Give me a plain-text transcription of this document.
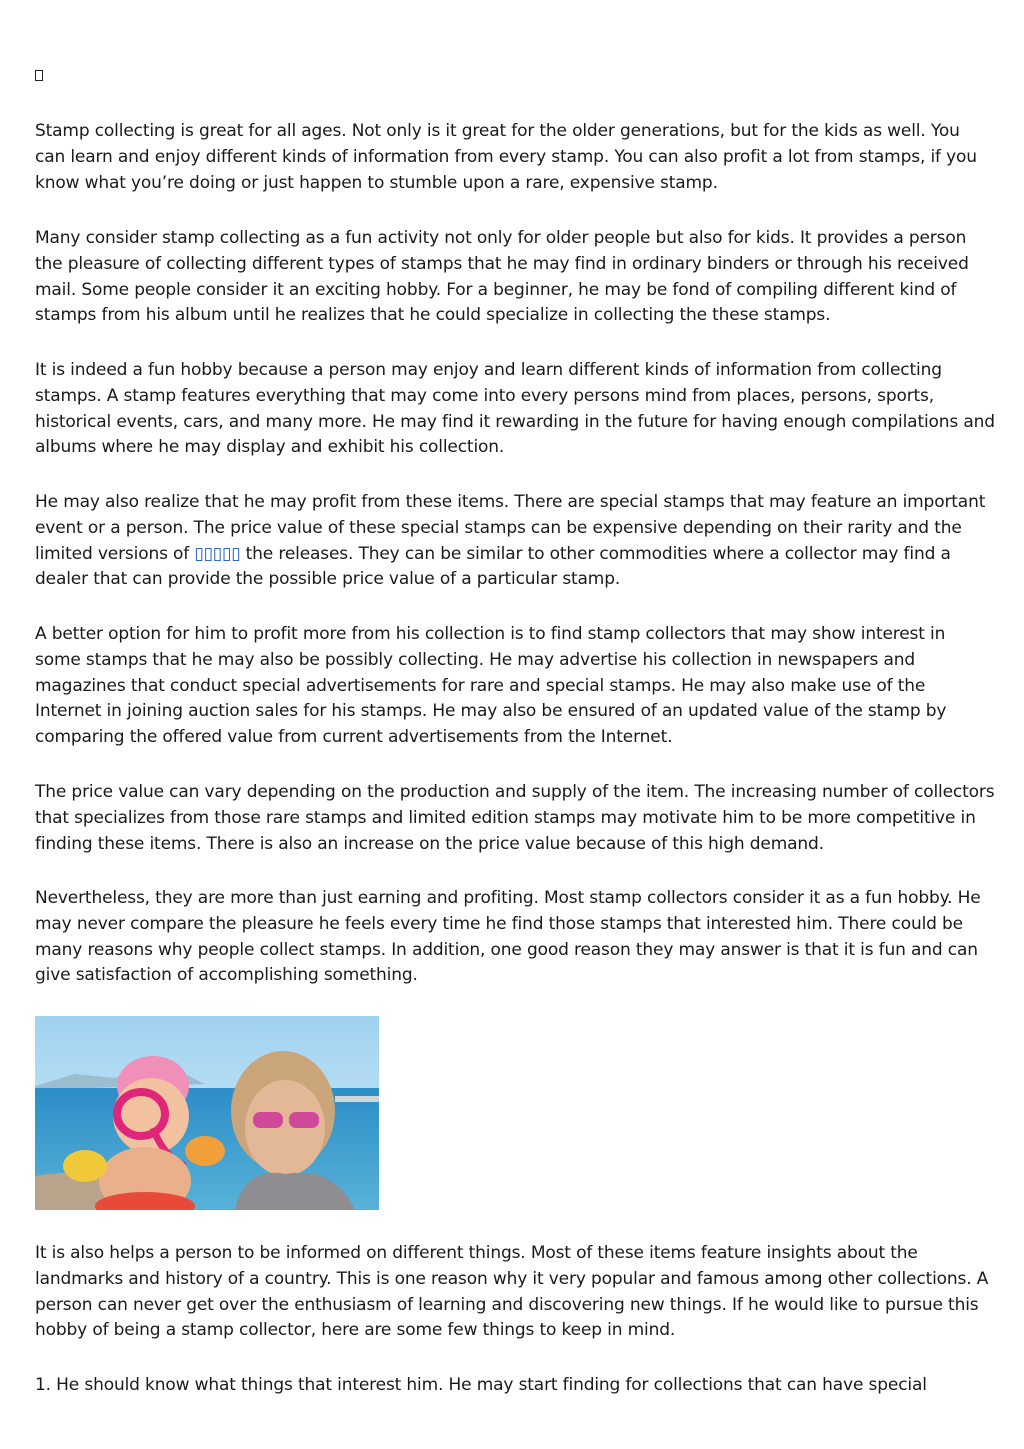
Stamp collecting is great for all ages. Not only is it great for the older generations, but for the kids as well. You can learn and enjoy different kinds of information from every stamp. You can also profit a lot from stamps, if you know what you’re doing or just happen to stumble upon a rare, expensive stamp.

Many consider stamp collecting as a fun activity not only for older people but also for kids. It provides a person the pleasure of collecting different types of stamps that he may find in ordinary binders or through his received mail. Some people consider it an exciting hobby. For a beginner, he may be fond of compiling different kind of stamps from his album until he realizes that he could specialize in collecting the these stamps.

It is indeed a fun hobby because a person may enjoy and learn different kinds of information from collecting stamps. A stamp features everything that may come into every persons mind from places, persons, sports, historical events, cars, and many more. He may find it rewarding in the future for having enough compilations and albums where he may display and exhibit his collection.

He may also realize that he may profit from these items. There are special stamps that may feature an important event or a person. The price value of these special stamps can be expensive depending on their rarity and the limited versions of ▯▯▯▯▯ the releases. They can be similar to other commodities where a collector may find a dealer that can provide the possible price value of a particular stamp.

A better option for him to profit more from his collection is to find stamp collectors that may show interest in some stamps that he may also be possibly collecting. He may advertise his collection in newspapers and magazines that conduct special advertisements for rare and special stamps. He may also make use of the Internet in joining auction sales for his stamps. He may also be ensured of an updated value of the stamp by comparing the offered value from current advertisements from the Internet.

The price value can vary depending on the production and supply of the item. The increasing number of collectors that specializes from those rare stamps and limited edition stamps may motivate him to be more competitive in finding these items. There is also an increase on the price value because of this high demand.

Nevertheless, they are more than just earning and profiting. Most stamp collectors consider it as a fun hobby. He may never compare the pleasure he feels every time he find those stamps that interested him. There could be many reasons why people collect stamps. In addition, one good reason they may answer is that it is fun and can give satisfaction of accomplishing something.

It is also helps a person to be informed on different things. Most of these items feature insights about the landmarks and history of a country. This is one reason why it very popular and famous among other collections. A person can never get over the enthusiasm of learning and discovering new things. If he would like to pursue this hobby of being a stamp collector, here are some few things to keep in mind.

1. He should know what things that interest him. He may start finding for collections that can have special
